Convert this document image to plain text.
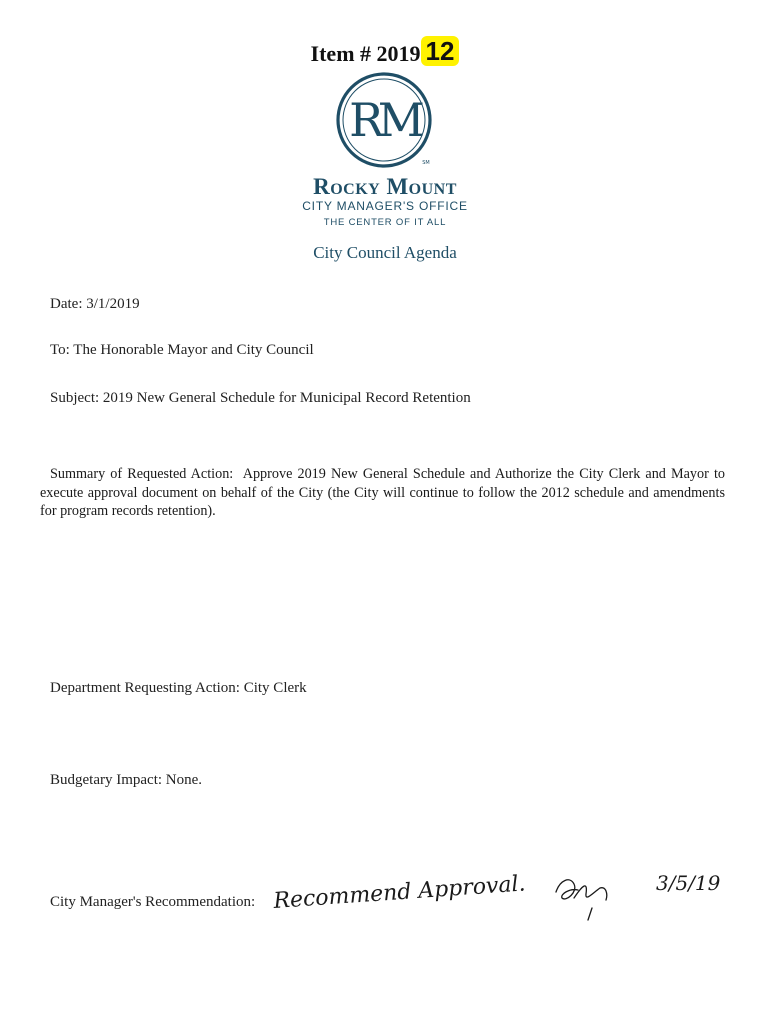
Item # 2019 12
RM
SM
Rocky Mount
CITY MANAGER'S OFFICE
THE CENTER OF IT ALL
City Council Agenda
Date: 3/1/2019
To: The Honorable Mayor and City Council
Subject: 2019 New General Schedule for Municipal Record Retention
Summary of Requested Action: Approve 2019 New General Schedule and Authorize the City Clerk and Mayor to execute approval document on behalf of the City (the City will continue to follow the 2012 schedule and amendments for program records retention).
Department Requesting Action: City Clerk
Budgetary Impact: None.
City Manager's Recommendation: Recommend Approval.	3/5/19
